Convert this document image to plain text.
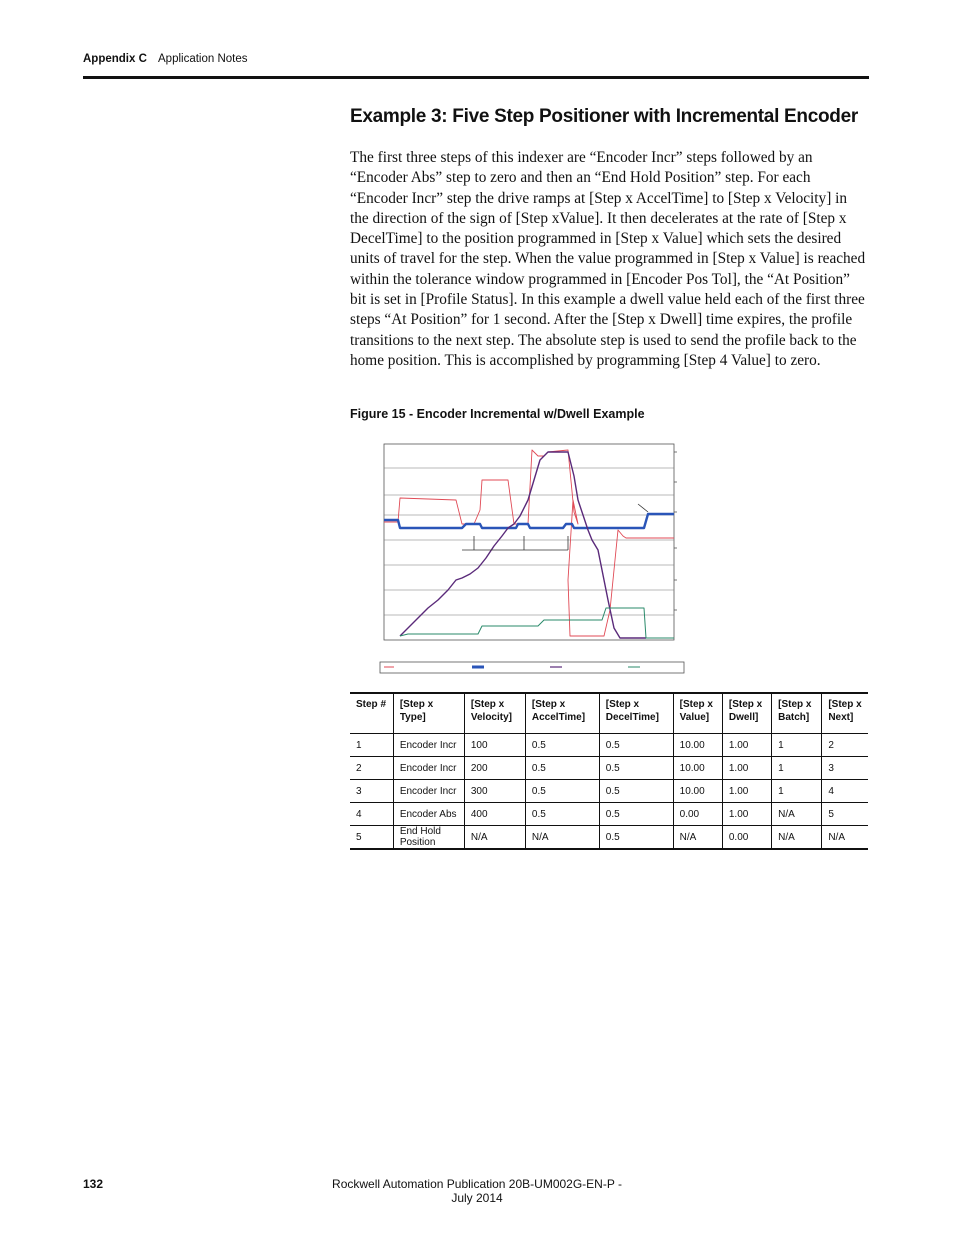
Appendix C Application Notes
Example 3: Five Step Positioner with Incremental Encoder

The first three steps of this indexer are “Encoder Incr” steps followed by an “Encoder Abs” step to zero and then an “End Hold Position” step. For each “Encoder Incr” step the drive ramps at [Step x AccelTime] to [Step x Velocity] in the direction of the sign of [Step xValue]. It then decelerates at the rate of [Step x DecelTime] to the position programmed in [Step x Value] which sets the desired units of travel for the step. When the value programmed in [Step x Value] is reached within the tolerance window programmed in [Encoder Pos Tol], the “At Position” bit is set in [Profile Status]. In this example a dwell value held each of the first three steps “At Position” for 1 second. After the [Step x Dwell] time expires, the profile transitions to the next step. The absolute step is used to send the profile back to the home position. This is accomplished by programming [Step 4 Value] to zero.

Figure 15 - Encoder Incremental w/Dwell Example
Step #	[Step x Type]	[Step x Velocity]	[Step x AccelTime]	[Step x DecelTime]	[Step x Value]	[Step x Dwell]	[Step x Batch]	[Step x Next]
1	Encoder Incr	100	0.5	0.5	10.00	1.00	1	2
2	Encoder Incr	200	0.5	0.5	10.00	1.00	1	3
3	Encoder Incr	300	0.5	0.5	10.00	1.00	1	4
4	Encoder Abs	400	0.5	0.5	0.00	1.00	N/A	5
5	End Hold Position	N/A	N/A	0.5	N/A	0.00	N/A	N/A
132	Rockwell Automation Publication 20B-UM002G-EN-P - July 2014
